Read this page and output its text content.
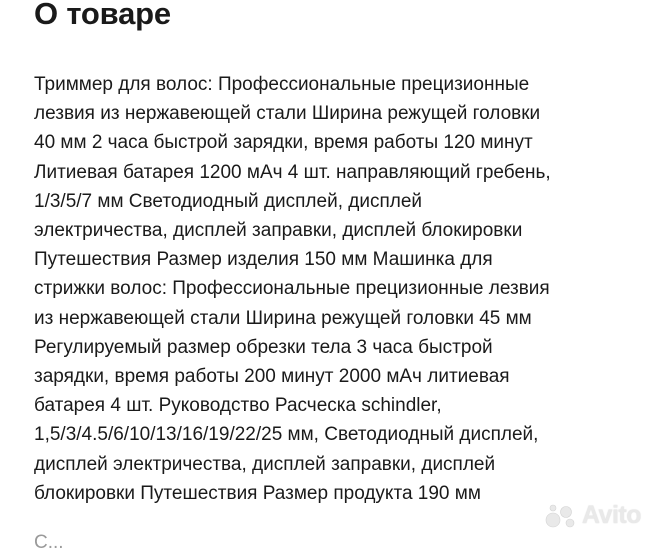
О товаре

Триммер для волос: Профессиональные прецизионные
лезвия из нержавеющей стали Ширина режущей головки
40 мм 2 часа быстрой зарядки, время работы 120 минут
Литиевая батарея 1200 мАч 4 шт. направляющий гребень,
1/3/5/7 мм Светодиодный дисплей, дисплей
электричества, дисплей заправки, дисплей блокировки
Путешествия Размер изделия 150 мм Машинка для
стрижки волос: Профессиональные прецизионные лезвия
из нержавеющей стали Ширина режущей головки 45 мм
Регулируемый размер обрезки тела 3 часа быстрой
зарядки, время работы 200 минут 2000 мАч литиевая
батарея 4 шт. Руководство Расческа schindler,
1,5/3/4.5/6/10/13/16/19/22/25 мм, Светодиодный дисплей,
дисплей электричества, дисплей заправки, дисплей
блокировки Путешествия Размер продукта 190 мм

С...
Avito
